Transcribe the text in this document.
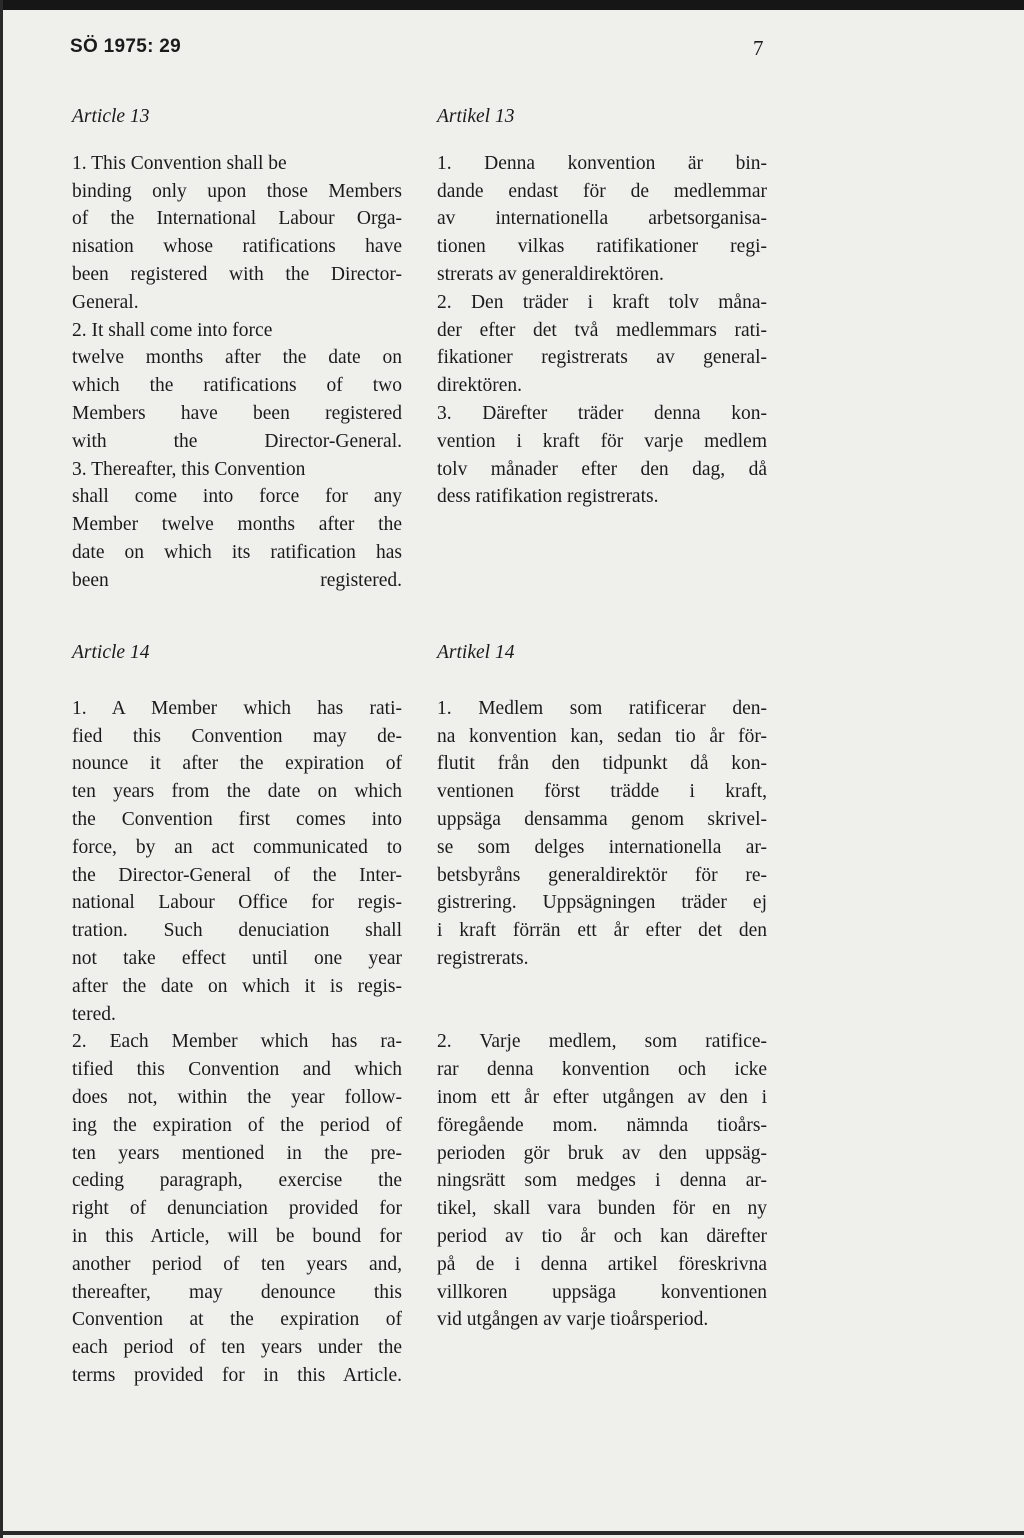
SÖ 1975: 29	7

Article 13

1. This Convention shall be
binding only upon those Members
of the International Labour Orga-
nisation whose ratifications have
been registered with the Director-
General.
2. It shall come into force
twelve months after the date on
which the ratifications of two
Members have been registered
with the Director-General.
3. Thereafter, this Convention
shall come into force for any
Member twelve months after the
date on which its ratification has
been registered.

Artikel 13

1. Denna konvention är bin-
dande endast för de medlemmar
av internationella arbetsorganisa-
tionen vilkas ratifikationer regi-
strerats av generaldirektören.
2. Den träder i kraft tolv måna-
der efter det två medlemmars rati-
fikationer registrerats av general-
direktören.
3. Därefter träder denna kon-
vention i kraft för varje medlem
tolv månader efter den dag, då
dess ratifikation registrerats.

Article 14

1. A Member which has rati-
fied this Convention may de-
nounce it after the expiration of
ten years from the date on which
the Convention first comes into
force, by an act communicated to
the Director-General of the Inter-
national Labour Office for regis-
tration. Such denuciation shall
not take effect until one year
after the date on which it is regis-
tered.
2. Each Member which has ra-
tified this Convention and which
does not, within the year follow-
ing the expiration of the period of
ten years mentioned in the pre-
ceding paragraph, exercise the
right of denunciation provided for
in this Article, will be bound for
another period of ten years and,
thereafter, may denounce this
Convention at the expiration of
each period of ten years under the
terms provided for in this Article.

Artikel 14

1. Medlem som ratificerar den-
na konvention kan, sedan tio år för-
flutit från den tidpunkt då kon-
ventionen först trädde i kraft,
uppsäga densamma genom skrivel-
se som delges internationella ar-
betsbyråns generaldirektör för re-
gistrering. Uppsägningen träder ej
i kraft förrän ett år efter det den
registrerats.
2. Varje medlem, som ratifice-
rar denna konvention och icke
inom ett år efter utgången av den i
föregående mom. nämnda tioårs-
perioden gör bruk av den uppsäg-
ningsrätt som medges i denna ar-
tikel, skall vara bunden för en ny
period av tio år och kan därefter
på de i denna artikel föreskrivna
villkoren uppsäga konventionen
vid utgången av varje tioårsperiod.
